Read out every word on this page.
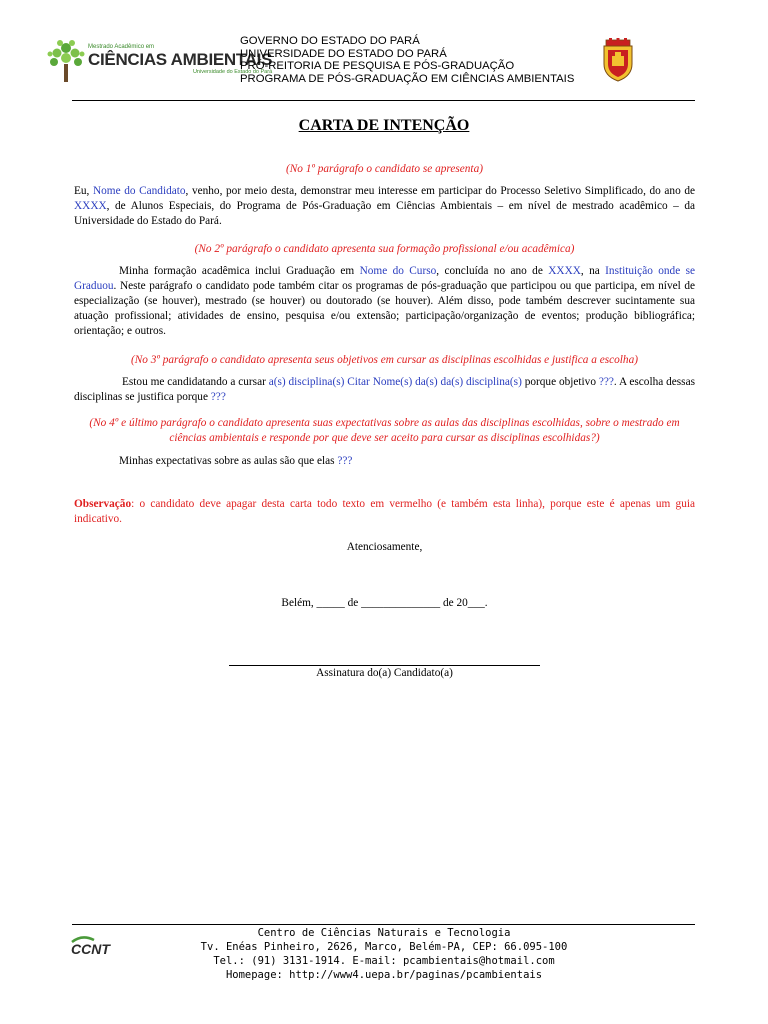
Mestrado Acadêmico em
CIÊNCIAS AMBIENTAIS
Universidade do Estado do Pará
GOVERNO DO ESTADO DO PARÁ
UNIVERSIDADE DO ESTADO DO PARÁ
PRÓ-REITORIA DE PESQUISA E PÓS-GRADUAÇÃO
PROGRAMA DE PÓS-GRADUAÇÃO EM CIÊNCIAS AMBIENTAIS
CARTA DE INTENÇÃO
(No 1º parágrafo o candidato se apresenta)
Eu, Nome do Candidato, venho, por meio desta, demonstrar meu interesse em participar do Processo Seletivo Simplificado, do ano de XXXX, de Alunos Especiais, do Programa de Pós-Graduação em Ciências Ambientais – em nível de mestrado acadêmico – da Universidade do Estado do Pará.
(No 2º parágrafo o candidato apresenta sua formação profissional e/ou acadêmica)
Minha formação acadêmica inclui Graduação em Nome do Curso, concluída no ano de XXXX, na Instituição onde se Graduou. Neste parágrafo o candidato pode também citar os programas de pós-graduação que participou ou que participa, em nível de especialização (se houver), mestrado (se houver) ou doutorado (se houver). Além disso, pode também descrever sucintamente sua atuação profissional; atividades de ensino, pesquisa e/ou extensão; participação/organização de eventos; produção bibliográfica; orientação; e outros.
(No 3º parágrafo o candidato apresenta seus objetivos em cursar as disciplinas escolhidas e justifica a escolha)
Estou me candidatando a cursar a(s) disciplina(s) Citar Nome(s) da(s) da(s) disciplina(s) porque objetivo ???. A escolha dessas disciplinas se justifica porque ???
(No 4º e último parágrafo o candidato apresenta suas expectativas sobre as aulas das disciplinas escolhidas, sobre o mestrado em ciências ambientais e responde por que deve ser aceito para cursar as disciplinas escolhidas?)
Minhas expectativas sobre as aulas são que elas ???
Observação: o candidato deve apagar desta carta todo texto em vermelho (e também esta linha), porque este é apenas um guia indicativo.
Atenciosamente,
Belém, _____ de ______________ de 20___.
Assinatura do(a) Candidato(a)
CCNT
Centro de Ciências Naturais e Tecnologia
Tv. Enéas Pinheiro, 2626, Marco, Belém-PA, CEP: 66.095-100
Tel.: (91) 3131-1914. E-mail: pcambientais@hotmail.com
Homepage: http://www4.uepa.br/paginas/pcambientais
